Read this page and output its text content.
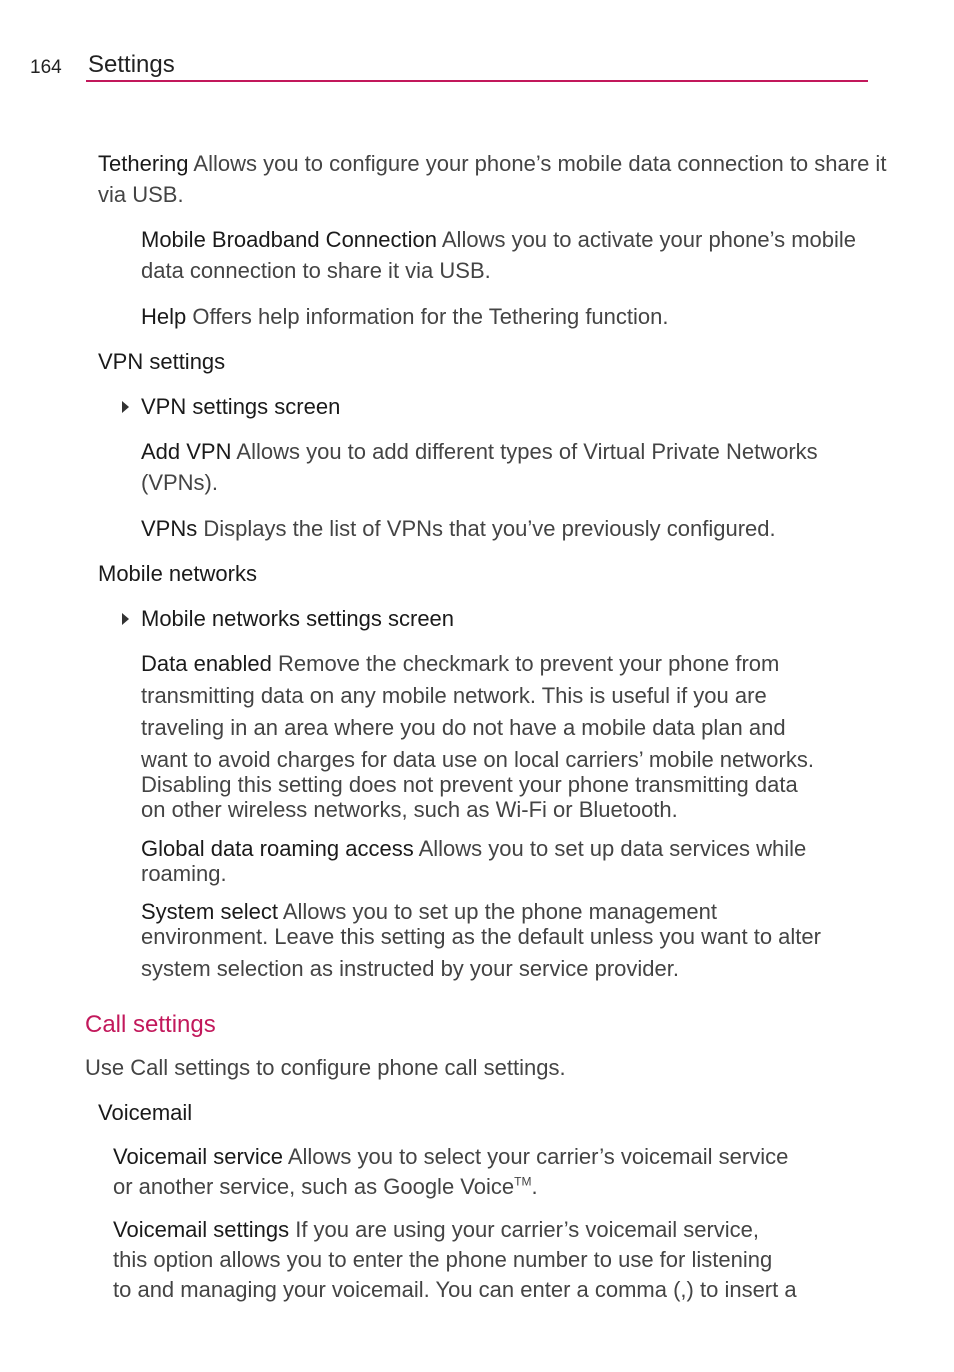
164 Settings
Tethering Allows you to configure your phone’s mobile data connection to share it via USB.
Mobile Broadband Connection Allows you to activate your phone’s mobile data connection to share it via USB.
Help Offers help information for the Tethering function.
VPN settings
VPN settings screen
Add VPN Allows you to add different types of Virtual Private Networks (VPNs).
VPNs Displays the list of VPNs that you’ve previously configured.
Mobile networks
Mobile networks settings screen
Data enabled Remove the checkmark to prevent your phone from
transmitting data on any mobile network. This is useful if you are
traveling in an area where you do not have a mobile data plan and
want to avoid charges for data use on local carriers’ mobile networks.
Disabling this setting does not prevent your phone transmitting data
on other wireless networks, such as Wi-Fi or Bluetooth.
Global data roaming access Allows you to set up data services while
roaming.
System select Allows you to set up the phone management
environment. Leave this setting as the default unless you want to alter
system selection as instructed by your service provider.
Call settings
Use Call settings to configure phone call settings.
Voicemail
Voicemail service Allows you to select your carrier’s voicemail service
or another service, such as Google Voice™.
Voicemail settings If you are using your carrier’s voicemail service,
this option allows you to enter the phone number to use for listening
to and managing your voicemail. You can enter a comma (,) to insert a
